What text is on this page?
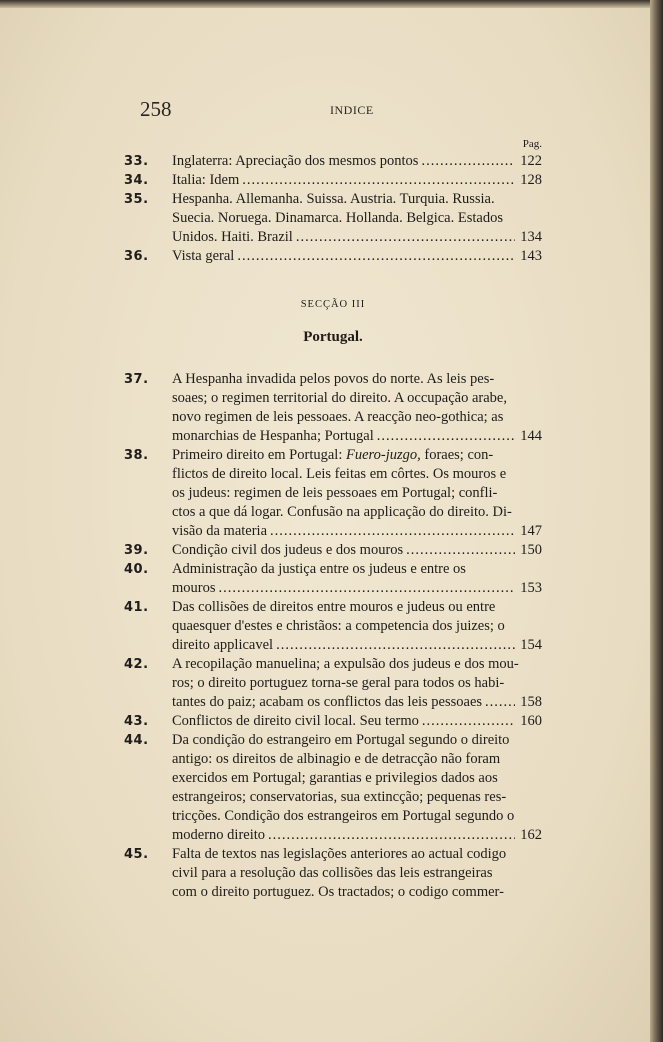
258	INDICE
Pag.
33. Inglaterra: Apreciação dos mesmos pontos .....	122
34. Italia: Idem .....	128
35. Hespanha. Allemanha. Suissa. Austria. Turquia. Russia.
Suecia. Noruega. Dinamarca. Hollanda. Belgica. Estados
Unidos. Haiti. Brazil .....	134
36. Vista geral .....	143
SECÇÃO III
Portugal.
37. A Hespanha invadida pelos povos do norte. As leis pes-
soaes; o regimen territorial do direito. A occupação arabe,
novo regimen de leis pessoaes. A reacção neo-gothica; as
monarchias de Hespanha; Portugal .....	144
38. Primeiro direito em Portugal: Fuero-juzgo, foraes; con-
flictos de direito local. Leis feitas em côrtes. Os mouros e
os judeus: regimen de leis pessoaes em Portugal; confli-
ctos a que dá logar. Confusão na applicação do direito. Di-
visão da materia .....	147
39. Condição civil dos judeus e dos mouros .....	150
40. Administração da justiça entre os judeus e entre os
mouros .....	153
41. Das collisões de direitos entre mouros e judeus ou entre
quaesquer d'estes e christãos: a competencia dos juizes; o
direito applicavel .....	154
42. A recopilação manuelina; a expulsão dos judeus e dos mou-
ros; o direito portuguez torna-se geral para todos os habi-
tantes do paiz; acabam os conflictos das leis pessoaes .....	158
43. Conflictos de direito civil local. Seu termo .....	160
44. Da condição do estrangeiro em Portugal segundo o direito
antigo: os direitos de albinagio e de detracção não foram
exercidos em Portugal; garantias e privilegios dados aos
estrangeiros; conservatorias, sua extincção; pequenas res-
tricções. Condição dos estrangeiros em Portugal segundo o
moderno direito .....	162
45. Falta de textos nas legislações anteriores ao actual codigo
civil para a resolução das collisões das leis estrangeiras
com o direito portuguez. Os tractados; o codigo commer-
